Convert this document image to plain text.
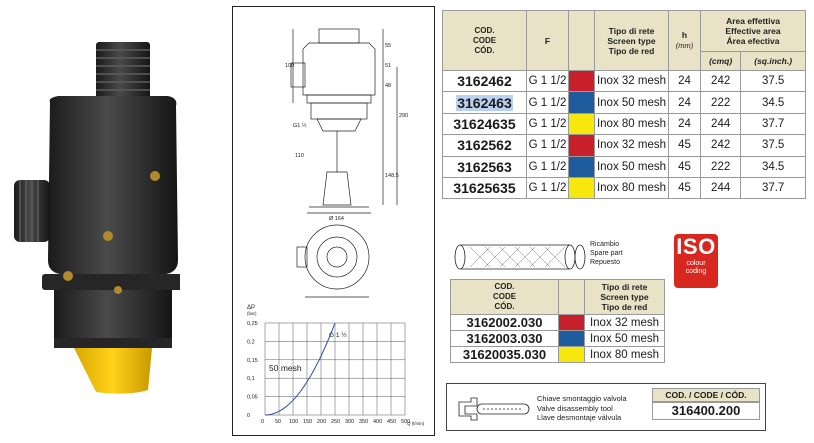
100
55
51
48
290
148,5
110
G1 ½
Ø 164
ΔP
(bar)
Q (l/min)
G 1 ½
50 mesh
0,25
0,2
0,15
0,1
0,05
0
0 50 100 150 200 250 300 350 400 450 500
COD.
CODE
CÓD.	F		Tipo di rete
Screen type
Tipo de red	h
(mm)	Area effettiva
Effective area
Área efectiva	
					(cmq)	(sq.inch.)
3162462	G 1 1/2		Inox 32 mesh	24	242	37.5
3162463	G 1 1/2		Inox 50 mesh	24	222	34.5
31624635	G 1 1/2		Inox 80 mesh	24	244	37.7
3162562	G 1 1/2		Inox 32 mesh	45	242	37.5
3162563	G 1 1/2		Inox 50 mesh	45	222	34.5
31625635	G 1 1/2		Inox 80 mesh	45	244	37.7
Ricambio
Spare part
Repuesto
ISO
colour
coding
COD.
CODE
CÓD.		Tipo di rete
Screen type
Tipo de red
3162002.030		Inox 32 mesh
3162003.030		Inox 50 mesh
31620035.030		Inox 80 mesh
Chiave smontaggio valvola
Valve disassembly tool
Llave desmontaje válvula
COD. / CODE / CÓD.
316400.200
